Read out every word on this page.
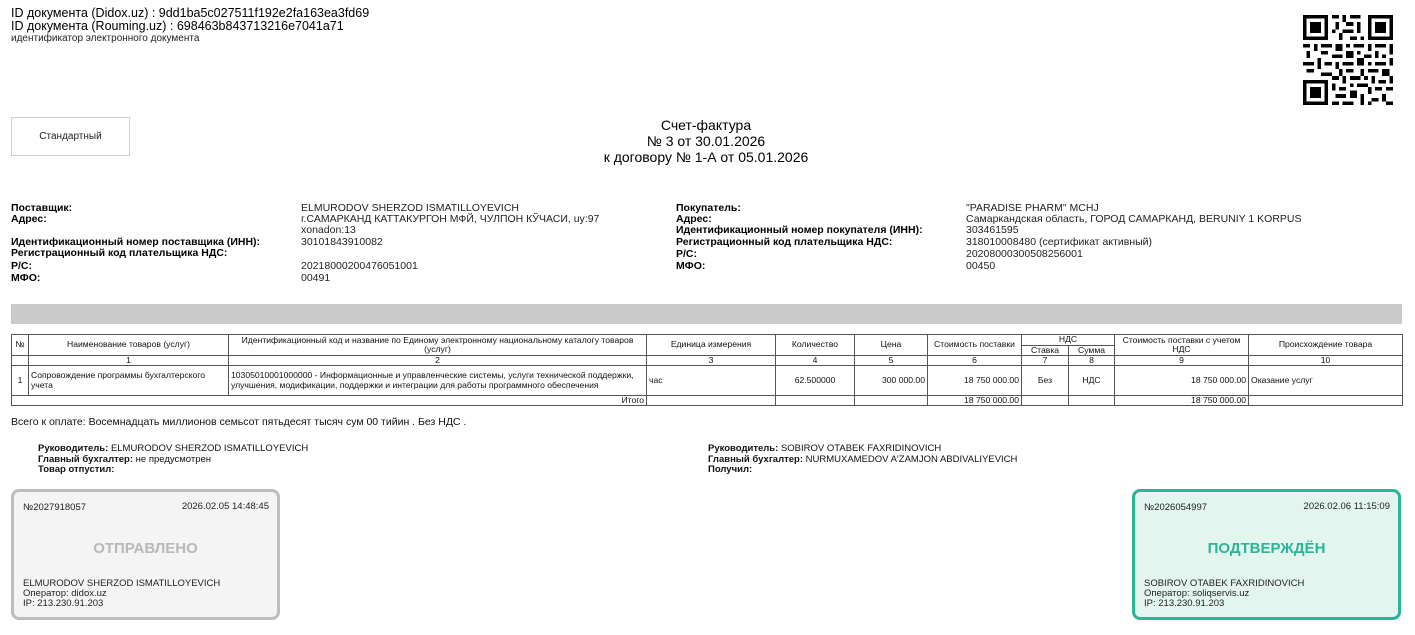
ID документа (Didox.uz) : 9dd1ba5c027511f192e2fa163ea3fd69
ID документа (Rouming.uz) : 698463b843713216e7041a71
идентификатор электронного документа
Стандартный
Счет-фактура
№ 3 от 30.01.2026
к договору № 1-А от 05.01.2026
Поставщик:	ELMURODOV SHERZOD ISMATILLOYEVICH
Адрес:	г.САМАРКАНД КАТТАКУРГОН МФЙ, ЧУЛПОН КЎЧАСИ, uy:97
xonadon:13
Идентификационный номер поставщика (ИНН):	30101843910082
Регистрационный код плательщика НДС:
Р/С:	20218000200476051001
МФО:	00491
Покупатель:	"PARADISE PHARM" MCHJ
Адрес:	Самаркандская область, ГОРОД САМАРКАНД, BERUNIY 1 KORPUS
Идентификационный номер покупателя (ИНН):	303461595
Регистрационный код плательщика НДС:	318010008480 (сертификат активный)
Р/С:	20208000300508256001
МФО:	00450
№	Наименование товаров (услуг)	Идентификационный код и название по Единому электронному национальному каталогу товаров (услуг)	Единица измерения	Количество	Цена	Стоимость поставки	НДС		Стоимость поставки с учетом НДС	Происхождение товара
							Ставка	Сумма		
	1	2	3	4	5	6	7	8	9	10
1	Сопровождение программы бухгалтерского учета	10305010001000000 - Информационные и управленческие системы, услуги технической поддержки, улучшения, модификации, поддержки и интеграции для работы программного обеспечения	час	62.500000	300 000.00	18 750 000.00	Без	НДС	18 750 000.00	Оказание услуг
Итого						18 750 000.00			18 750 000.00	
Всего к оплате: Восемнадцать миллионов семьсот пятьдесят тысяч сум 00 тийин . Без НДС .
Руководитель: ELMURODOV SHERZOD ISMATILLOYEVICH
Главный бухгалтер: не предусмотрен
Товар отпустил:
Руководитель: SOBIROV OTABEK FAXRIDINOVICH
Главный бухгалтер: NURMUXAMEDOV A'ZAMJON ABDIVALIYEVICH
Получил:
№2027918057	2026.02.05 14:48:45
ОТПРАВЛЕНО
ELMURODOV SHERZOD ISMATILLOYEVICH
Оператор: didox.uz
IP: 213.230.91.203
№2026054997	2026.02.06 11:15:09
ПОДТВЕРЖДЁН
SOBIROV OTABEK FAXRIDINOVICH
Оператор: soliqservis.uz
IP: 213.230.91.203
